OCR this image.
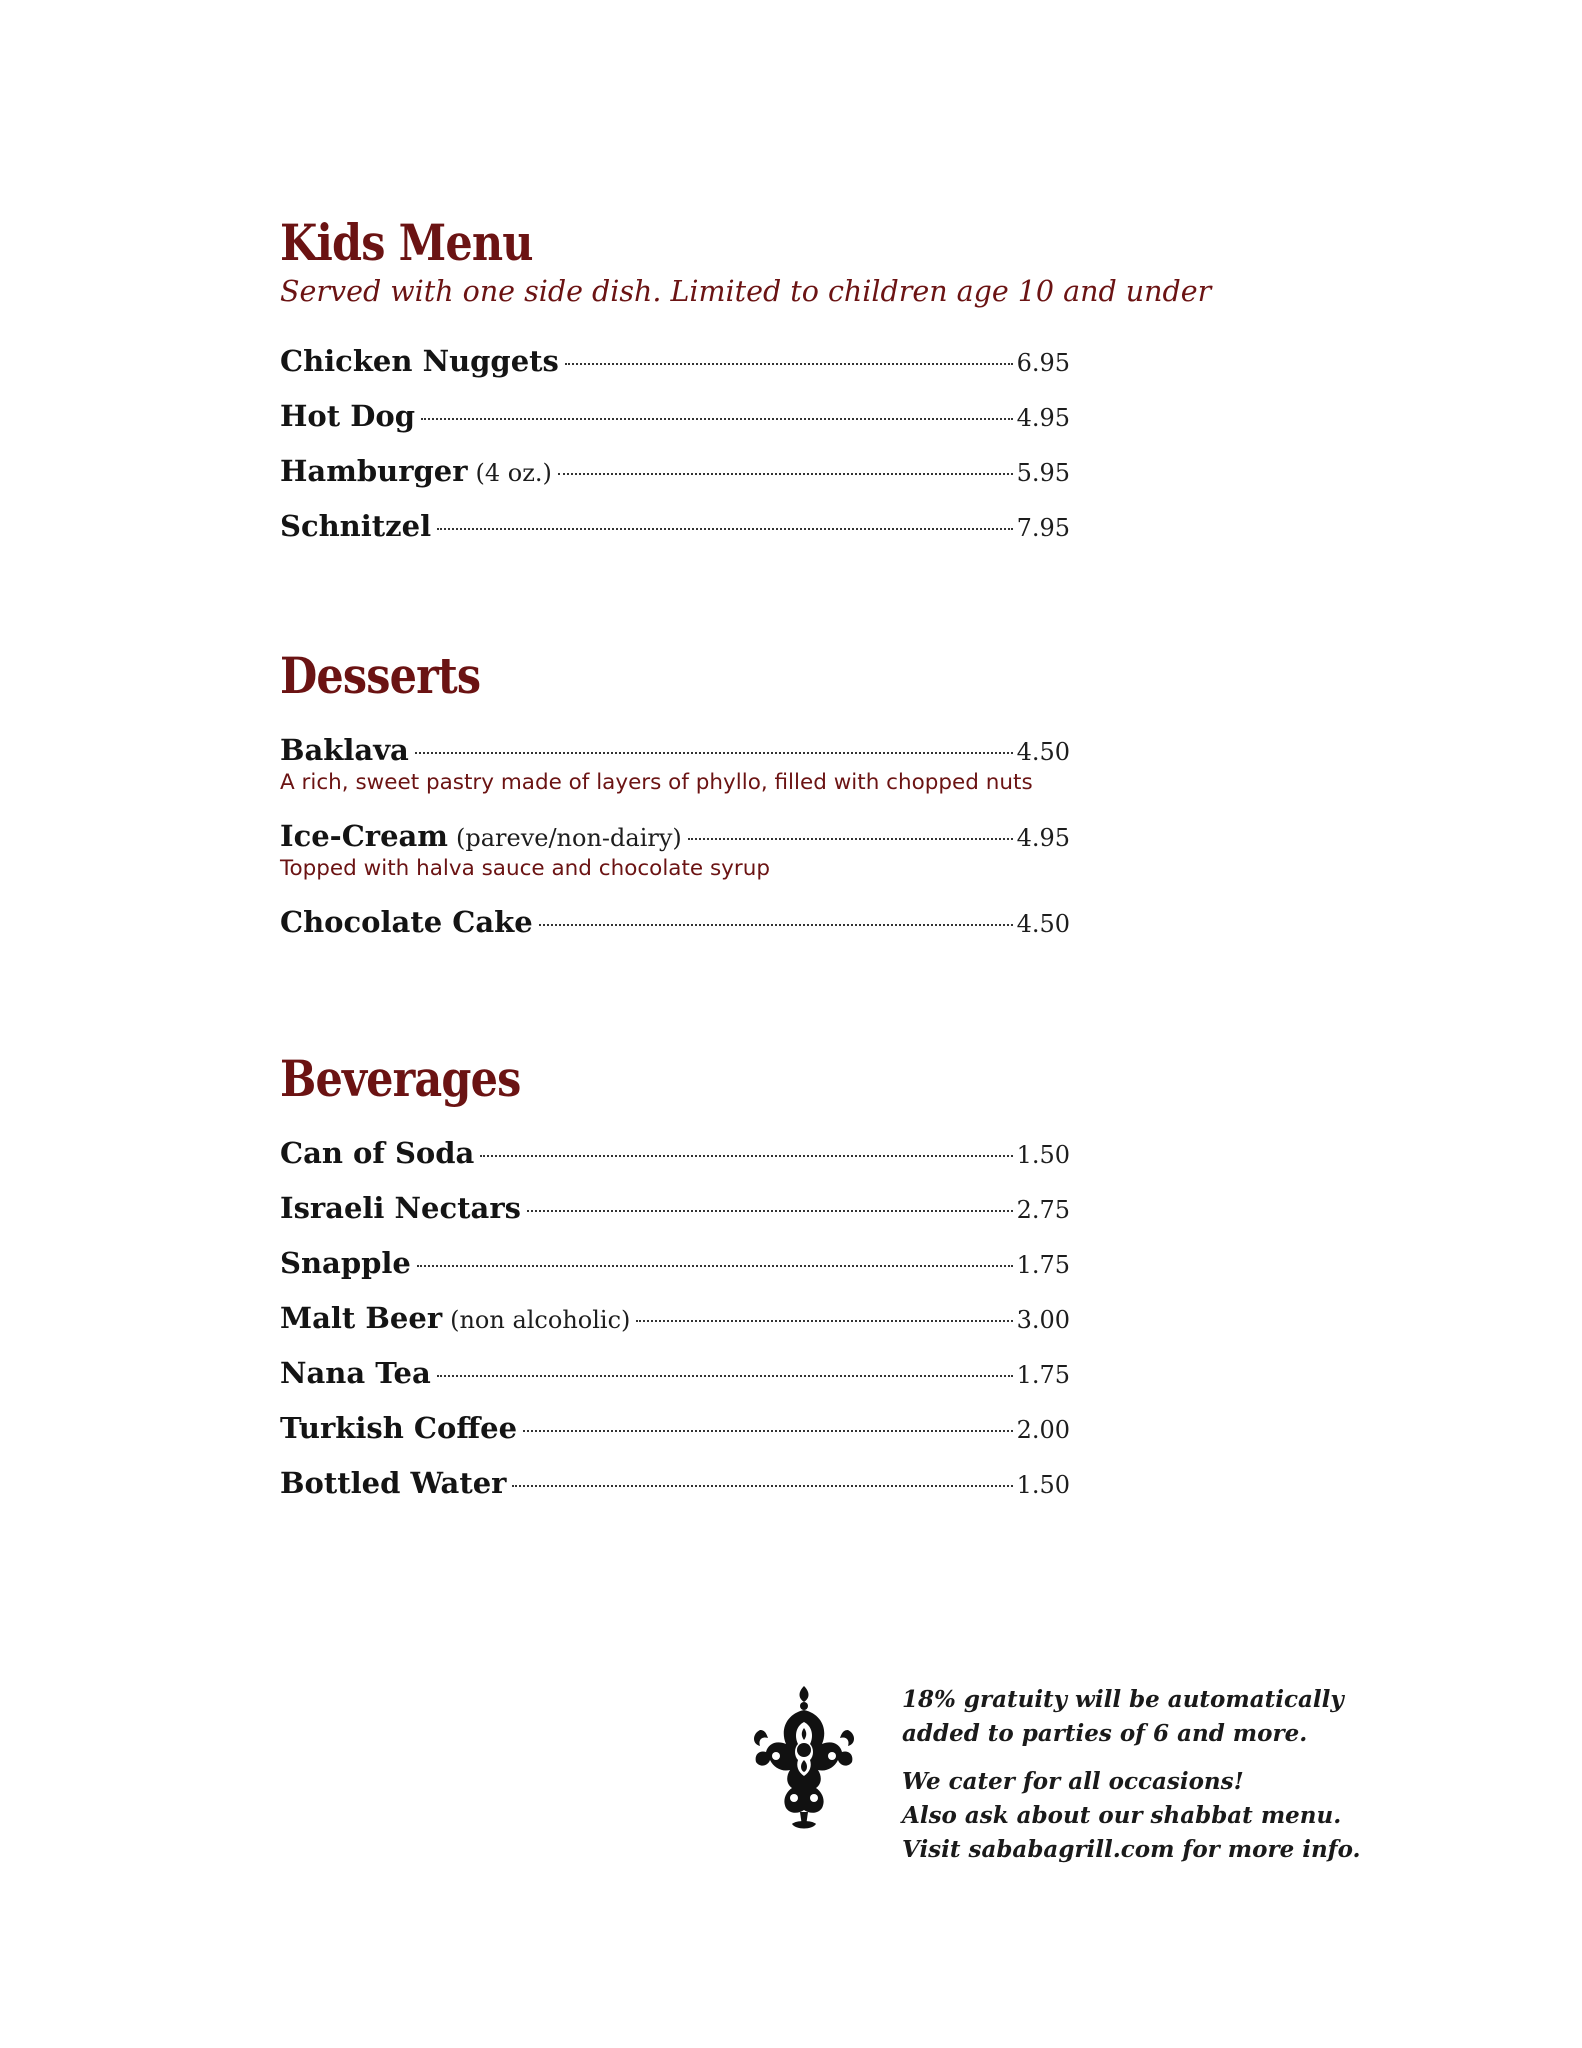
Kids Menu
Served with one side dish. Limited to children age 10 and under
Chicken Nuggets	6.95
Hot Dog	4.95
Hamburger (4 oz.)	5.95
Schnitzel	7.95
Desserts
Baklava	4.50
A rich, sweet pastry made of layers of phyllo, filled with chopped nuts
Ice-Cream (pareve/non-dairy)	4.95
Topped with halva sauce and chocolate syrup
Chocolate Cake	4.50
Beverages
Can of Soda	1.50
Israeli Nectars	2.75
Snapple	1.75
Malt Beer (non alcoholic)	3.00
Nana Tea	1.75
Turkish Coffee	2.00
Bottled Water	1.50
18% gratuity will be automatically
added to parties of 6 and more.
We cater for all occasions!
Also ask about our shabbat menu.
Visit sababagrill.com for more info.
